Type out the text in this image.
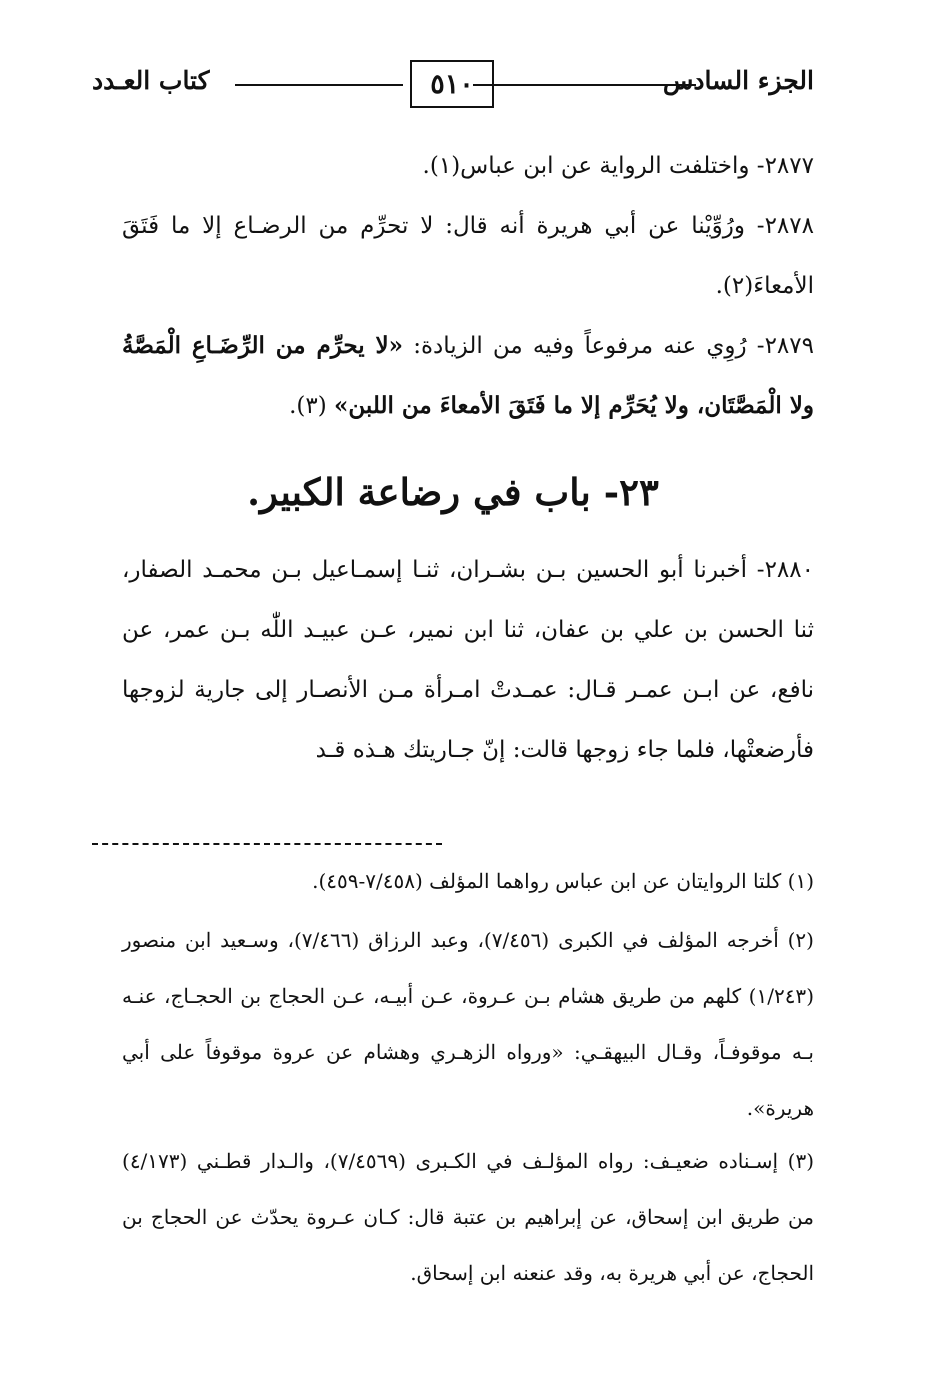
الجزء السادس
٥١٠
كتاب العـدد
٢٨٧٧- واختلفت الرواية عن ابن عباس(١).
٢٨٧٨- ورُوِّيْنا عن أبي هريرة أنه قال: لا تحرِّم من الرضـاع إلا ما فَتَقَ الأمعاءَ(٢).
٢٨٧٩- رُوِي عنه مرفوعاً وفيه من الزيادة: «لا يحرِّم من الرِّضَـاعِ الْمَصَّةُ ولا الْمَصَّتَان، ولا يُحَرِّم إلا ما فَتَقَ الأمعاءَ من اللبن» (٣).
٢٣- باب في رضاعة الكبير.
٢٨٨٠- أخبرنا أبو الحسين بـن بشـران، ثنـا إسمـاعيل بـن محمـد الصفار، ثنا الحسن بن علي بن عفان، ثنا ابن نمير، عـن عبيـد اللّٰه بـن عمر، عن نافع، عن ابـن عمـر قـال: عمـدتْ امـرأة مـن الأنصـار إلى جارية لزوجها فأرضعتْها، فلما جاء زوجها قالت: إنّ جـاريتك هـذه قـد
(١) كلتا الروايتان عن ابن عباس رواهما المؤلف (٧/٤٥٨-٤٥٩).
(٢) أخرجه المؤلف في الكبرى (٧/٤٥٦)، وعبد الرزاق (٧/٤٦٦)، وسـعيد ابن منصور (١/٢٤٣) كلهم من طريق هشام بـن عـروة، عـن أبيـه، عـن الحجاج بن الحجـاج، عنـه بـه موقوفـاً، وقـال البيهقـي: «ورواه الزهـري وهشام عن عروة موقوفاً على أبي هريرة».
(٣) إسـناده ضعيـف: رواه المؤلـف في الكـبرى (٧/٤٥٦٩)، والـدار قطـني (٤/١٧٣) من طريق ابن إسحاق، عن إبراهيم بن عتبة قال: كـان عـروة يحدّث عن الحجاج بن الحجاج، عن أبي هريرة به، وقد عنعنه ابن إسحاق.
